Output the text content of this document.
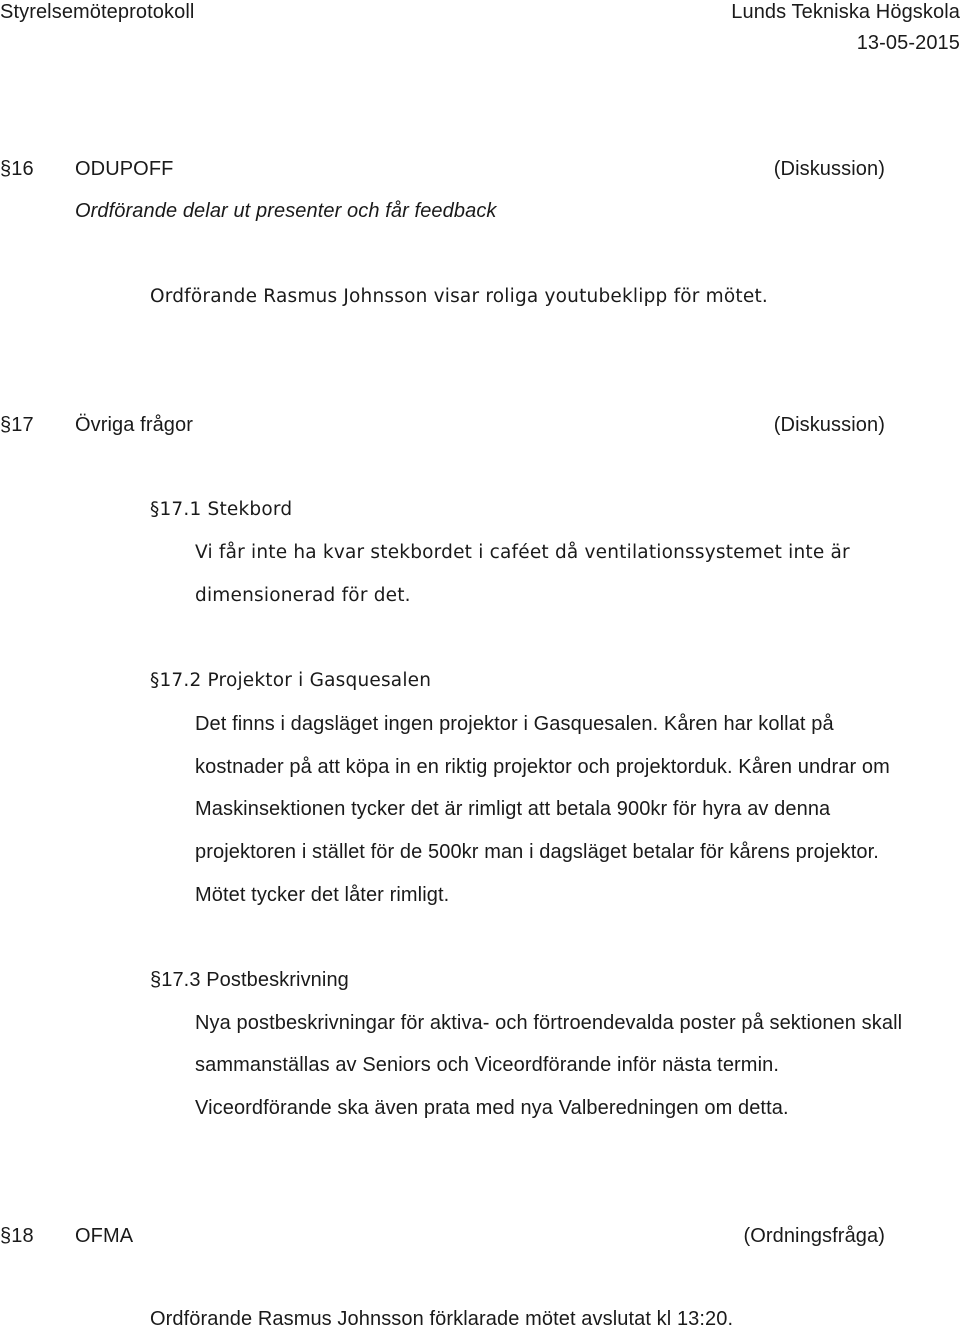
Styrelsemöteprotokoll	Lunds Tekniska Högskola
13-05-2015
§16 ODUPOFF	(Diskussion)
Ordförande delar ut presenter och får feedback
Ordförande Rasmus Johnsson visar roliga youtubeklipp för mötet.
§17 Övriga frågor	(Diskussion)
§17.1 Stekbord
Vi får inte ha kvar stekbordet i caféet då ventilationssystemet inte är
dimensionerad för det.
§17.2 Projektor i Gasquesalen
Det finns i dagsläget ingen projektor i Gasquesalen. Kåren har kollat på
kostnader på att köpa in en riktig projektor och projektorduk. Kåren undrar om
Maskinsektionen tycker det är rimligt att betala 900kr för hyra av denna
projektoren i stället för de 500kr man i dagsläget betalar för kårens projektor.
Mötet tycker det låter rimligt.
§17.3 Postbeskrivning
Nya postbeskrivningar för aktiva- och förtroendevalda poster på sektionen skall
sammanställas av Seniors och Viceordförande inför nästa termin.
Viceordförande ska även prata med nya Valberedningen om detta.
§18 OFMA	(Ordningsfråga)
Ordförande Rasmus Johnsson förklarade mötet avslutat kl 13:20.
